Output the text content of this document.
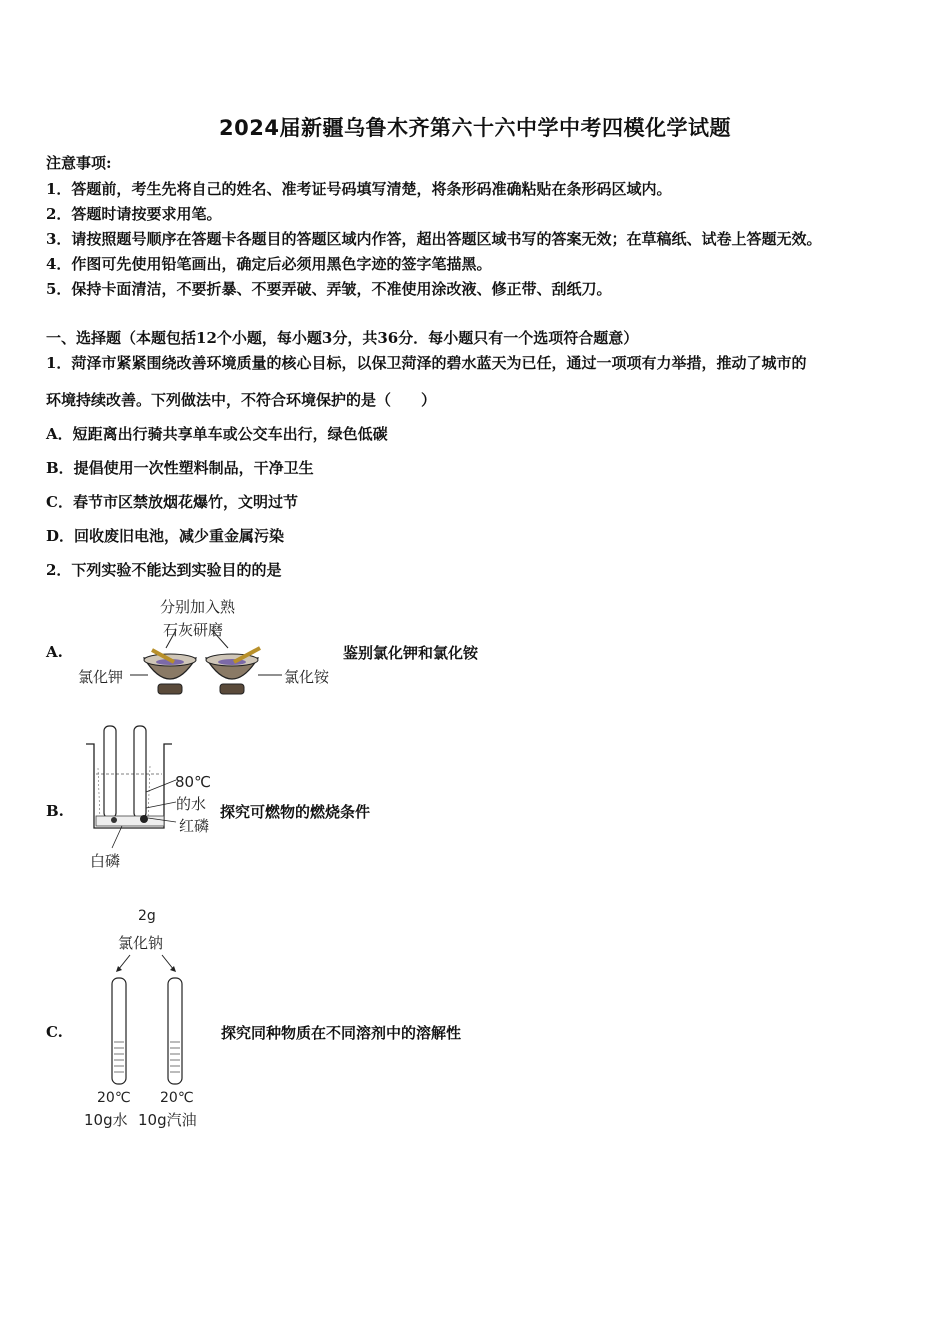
2024届新疆乌鲁木齐第六十六中学中考四模化学试题
注意事项:
1．答题前，考生先将自己的姓名、准考证号码填写清楚，将条形码准确粘贴在条形码区域内。
2．答题时请按要求用笔。
3．请按照题号顺序在答题卡各题目的答题区域内作答，超出答题区域书写的答案无效；在草稿纸、试卷上答题无效。
4．作图可先使用铅笔画出，确定后必须用黑色字迹的签字笔描黑。
5．保持卡面清洁，不要折暴、不要弄破、弄皱，不准使用涂改液、修正带、刮纸刀。
一、选择题（本题包括12个小题，每小题3分，共36分．每小题只有一个选项符合题意）
1．菏泽市紧紧围绕改善环境质量的核心目标，以保卫菏泽的碧水蓝天为已任，通过一项项有力举措，推动了城市的
环境持续改善。下列做法中，不符合环境保护的是（　　）
A．短距离出行骑共享单车或公交车出行，绿色低碳
B．提倡使用一次性塑料制品，干净卫生
C．春节市区禁放烟花爆竹，文明过节
D．回收废旧电池，减少重金属污染
2．下列实验不能达到实验目的的是
A.	鉴别氯化钾和氯化铵
分别加入熟
石灰研磨
氯化钾	氯化铵
B.	探究可燃物的燃烧条件
80℃
的水
红磷
白磷
C.	探究同种物质在不同溶剂中的溶解性
2g
氯化钠
20℃
10g水
20℃
10g汽油
